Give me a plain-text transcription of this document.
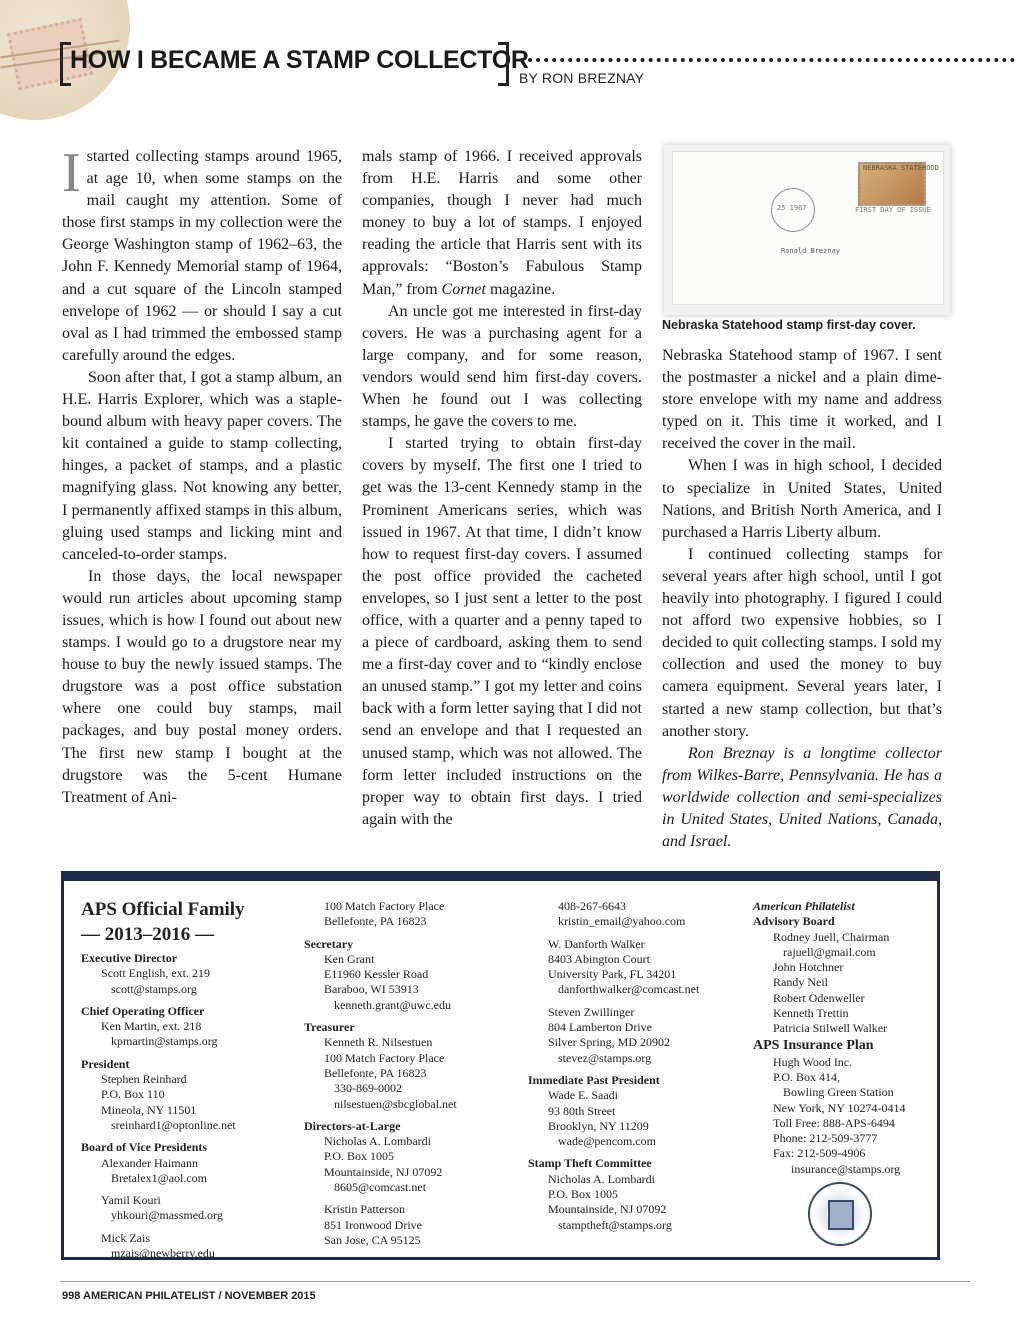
HOW I BECAME A STAMP COLLECTOR
BY RON BREZNAY

Istarted collecting stamps around 1965, at age 10, when some stamps on the mail caught my attention. Some of those first stamps in my collection were the George Washington stamp of 1962–63, the John F. Kennedy Memorial stamp of 1964, and a cut square of the Lincoln stamped envelope of 1962 — or should I say a cut oval as I had trimmed the embossed stamp carefully around the edges.

Soon after that, I got a stamp album, an H.E. Harris Explorer, which was a staple-bound album with heavy paper covers. The kit contained a guide to stamp collecting, hinges, a packet of stamps, and a plastic magnifying glass. Not knowing any better, I permanently affixed stamps in this album, gluing used stamps and licking mint and canceled-to-order stamps.

In those days, the local newspaper would run articles about upcoming stamp issues, which is how I found out about new stamps. I would go to a drugstore near my house to buy the newly issued stamps. The drugstore was a post office substation where one could buy stamps, mail packages, and buy postal money orders. The first new stamp I bought at the drugstore was the 5-cent Humane Treatment of Ani-

mals stamp of 1966. I received approvals from H.E. Harris and some other companies, though I never had much money to buy a lot of stamps. I enjoyed reading the article that Harris sent with its approvals: “Boston’s Fabulous Stamp Man,” from Cornet magazine.

An uncle got me interested in first-day covers. He was a purchasing agent for a large company, and for some reason, vendors would send him first-day covers. When he found out I was collecting stamps, he gave the covers to me.

I started trying to obtain first-day covers by myself. The first one I tried to get was the 13-cent Kennedy stamp in the Prominent Americans series, which was issued in 1967. At that time, I didn’t know how to request first-day covers. I assumed the post office provided the cacheted envelopes, so I just sent a letter to the post office, with a quarter and a penny taped to a piece of cardboard, asking them to send me a first-day cover and to “kindly enclose an unused stamp.” I got my letter and coins back with a form letter saying that I did not send an envelope and that I requested an unused stamp, which was not allowed. The form letter included instructions on the proper way to obtain first days. I tried again with the

25 1967
NEBRASKA STATEHOOD
FIRST DAY OF ISSUE
Ronald Breznay
Nebraska Statehood stamp first-day cover.

Nebraska Statehood stamp of 1967. I sent the postmaster a nickel and a plain dime-store envelope with my name and address typed on it. This time it worked, and I received the cover in the mail.

When I was in high school, I decided to specialize in United States, United Nations, and British North America, and I purchased a Harris Liberty album.

I continued collecting stamps for several years after high school, until I got heavily into photography. I figured I could not afford two expensive hobbies, so I decided to quit collecting stamps. I sold my collection and used the money to buy camera equipment. Several years later, I started a new stamp collection, but that’s another story.

Ron Breznay is a longtime collector from Wilkes-Barre, Pennsylvania. He has a worldwide collection and semi-specializes in United States, United Nations, Canada, and Israel.

APS Official Family
— 2013–2016 —
Executive Director
Scott English, ext. 219
scott@stamps.org
Chief Operating Officer
Ken Martin, ext. 218
kpmartin@stamps.org
President
Stephen Reinhard
P.O. Box 110
Mineola, NY 11501
sreinhard1@optonline.net
Board of Vice Presidents
Alexander Haimann
Bretalex1@aol.com
Yamil Kouri
yhkouri@massmed.org
Mick Zais
mzais@newberry.edu
100 Match Factory Place
Bellefonte, PA 16823
Secretary
Ken Grant
E11960 Kessler Road
Baraboo, WI 53913
kenneth.grant@uwc.edu
Treasurer
Kenneth R. Nilsestuen
100 Match Factory Place
Bellefonte, PA 16823
330-869-0002
nilsestuen@sbcglobal.net
Directors-at-Large
Nicholas A. Lombardi
P.O. Box 1005
Mountainside, NJ 07092
8605@comcast.net
Kristin Patterson
851 Ironwood Drive
San Jose, CA 95125
408-267-6643
kristin_email@yahoo.com
W. Danforth Walker
8403 Abington Court
University Park, FL 34201
danforthwalker@comcast.net
Steven Zwillinger
804 Lamberton Drive
Silver Spring, MD 20902
stevez@stamps.org
Immediate Past President
Wade E. Saadi
93 80th Street
Brooklyn, NY 11209
wade@pencom.com
Stamp Theft Committee
Nicholas A. Lombardi
P.O. Box 1005
Mountainside, NJ 07092
stamptheft@stamps.org
American Philatelist
Advisory Board
Rodney Juell, Chairman
rajuell@gmail.com
John Hotchner
Randy Neil
Robert Odenweller
Kenneth Trettin
Patricia Stilwell Walker
APS Insurance Plan
Hugh Wood Inc.
P.O. Box 414,
Bowling Green Station
New York, NY 10274-0414
Toll Free: 888-APS-6494
Phone: 212-509-3777
Fax: 212-509-4906
insurance@stamps.org
998 AMERICAN PHILATELIST / NOVEMBER 2015
